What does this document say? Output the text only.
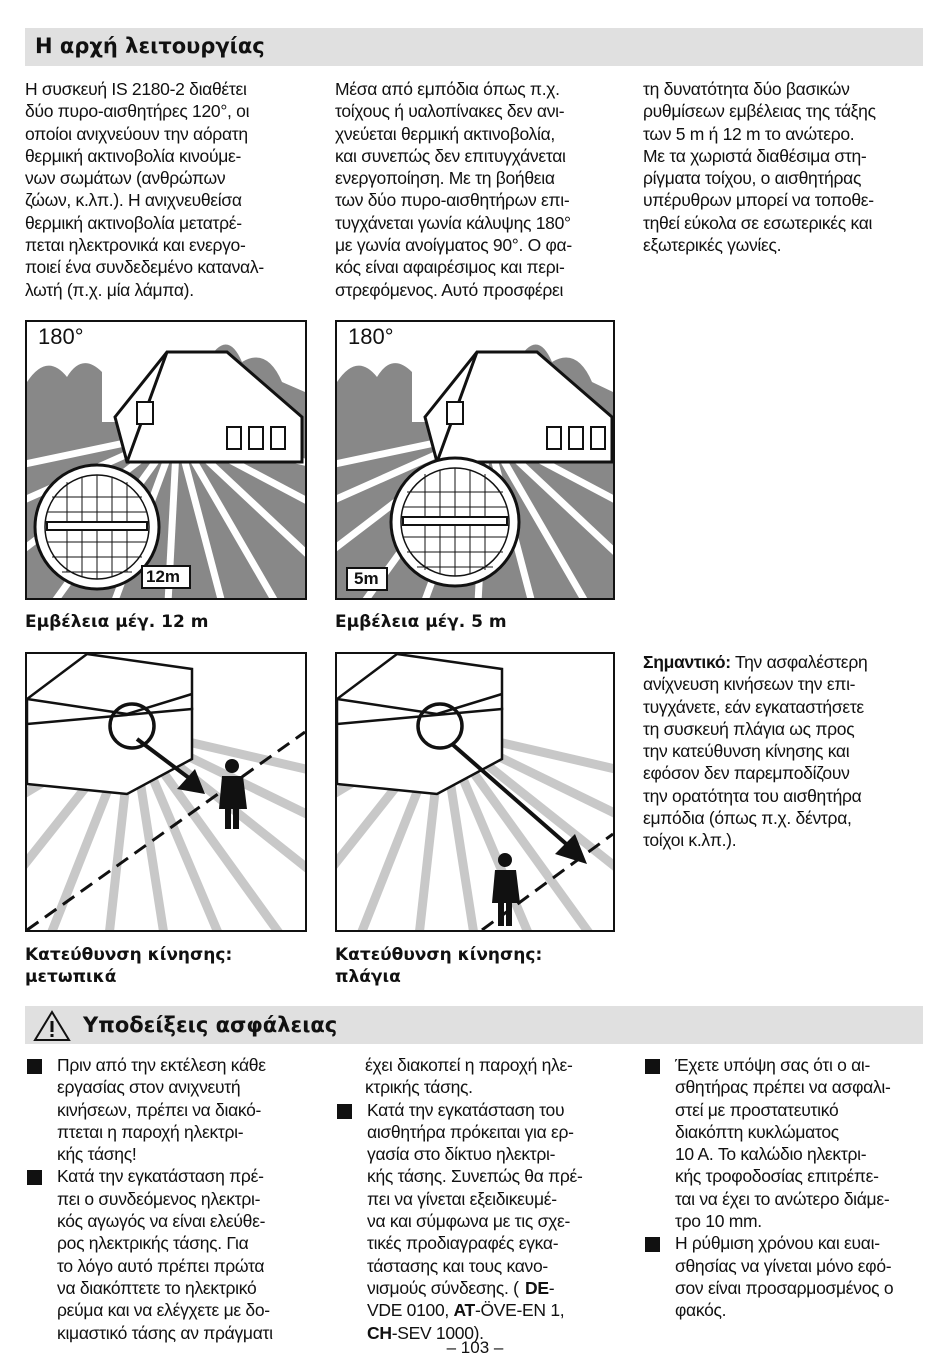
Η αρχή λειτουργίας
Η συσκευή IS 2180-2 διαθέτει
δύο πυρο-αισθητήρες 120°, οι
οποίοι ανιχνεύουν την αόρατη
θερμική ακτινοβολία κινούμε-
νων σωμάτων (ανθρώπων
ζώων, κ.λπ.). Η ανιχνευθείσα
θερμική ακτινοβολία μετατρέ-
πεται ηλεκτρονικά και ενεργο-
ποιεί ένα συνδεδεμένο καταναλ-
λωτή (π.χ. μία λάμπα).
Μέσα από εμπόδια όπως π.χ.
τοίχους ή υαλοπίνακες δεν ανι-
χνεύεται θερμική ακτινοβολία,
και συνεπώς δεν επιτυγχάνεται
ενεργοποίηση. Με τη βοήθεια
των δύο πυρο-αισθητήρων επι-
τυγχάνεται γωνία κάλυψης 180°
με γωνία ανοίγματος 90°. Ο φα-
κός είναι αφαιρέσιμος και περι-
στρεφόμενος. Αυτό προσφέρει
τη δυνατότητα δύο βασικών
ρυθμίσεων εμβέλειας της τάξης
των 5 m ή 12 m το ανώτερο.
Με τα χωριστά διαθέσιμα στη-
ρίγματα τοίχου, ο αισθητήρας
υπέρυθρων μπορεί να τοποθε-
τηθεί εύκολα σε εσωτερικές και
εξωτερικές γωνίες.
180°
12m
180°
5m
Εμβέλεια μέγ. 12 m	Εμβέλεια μέγ. 5 m
Κατεύθυνση κίνησης:
μετωπικά
Κατεύθυνση κίνησης:
πλάγια
Σημαντικό: Την ασφαλέστερη
ανίχνευση κινήσεων την επι-
τυγχάνετε, εάν εγκαταστήσετε
τη συσκευή πλάγια ως προς
την κατεύθυνση κίνησης και
εφόσον δεν παρεμποδίζουν
την ορατότητα του αισθητήρα
εμπόδια (όπως π.χ. δέντρα,
τοίχοι κ.λπ.).
Υποδείξεις ασφάλειας
Πριν από την εκτέλεση κάθε
εργασίας στον ανιχνευτή
κινήσεων, πρέπει να διακό-
πτεται η παροχή ηλεκτρι-
κής τάσης!
Κατά την εγκατάσταση πρέ-
πει ο συνδεόμενος ηλεκτρι-
κός αγωγός να είναι ελεύθε-
ρος ηλεκτρικής τάσης. Για
το λόγο αυτό πρέπει πρώτα
να διακόπτετε το ηλεκτρικό
ρεύμα και να ελέγχετε με δο-
κιμαστικό τάσης αν πράγματι
έχει διακοπεί η παροχή ηλε-
κτρικής τάσης.
Κατά την εγκατάσταση του
αισθητήρα πρόκειται για ερ-
γασία στο δίκτυο ηλεκτρι-
κής τάσης. Συνεπώς θα πρέ-
πει να γίνεται εξειδικευμέ-
να και σύμφωνα με τις σχε-
τικές προδιαγραφές εγκα-
τάστασης και τους κανο-
νισμούς σύνδεσης. ( DE-
VDE 0100, AT-ÖVE-EN 1,
CH-SEV 1000).
Έχετε υπόψη σας ότι ο αι-
σθητήρας πρέπει να ασφαλι-
στεί με προστατευτικό
διακόπτη κυκλώματος
10 A. Το καλώδιο ηλεκτρι-
κής τροφοδοσίας επιτρέπε-
ται να έχει το ανώτερο διάμε-
τρο 10 mm.
Η ρύθμιση χρόνου και ευαι-
σθησίας να γίνεται μόνο εφό-
σον είναι προσαρμοσμένος ο
φακός.
– 103 –
